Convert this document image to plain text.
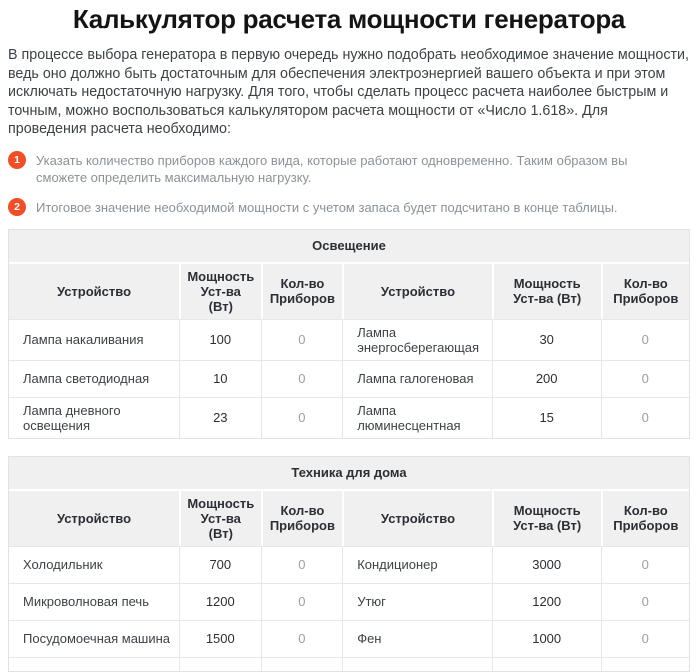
Калькулятор расчета мощности генератора

В процессе выбора генератора в первую очередь нужно подобрать необходимое значение мощности, ведь оно должно быть достаточным для обеспечения электроэнергией вашего объекта и при этом исключать недостаточную нагрузку. Для того, чтобы сделать процесс расчета наиболее быстрым и точным, можно воспользоваться калькулятором расчета мощности от «Число 1.618». Для проведения расчета необходимо:

1	Указать количество приборов каждого вида, которые работают одновременно. Таким образом вы сможете определить максимальную нагрузку.
2	Итоговое значение необходимой мощности с учетом запаса будет подсчитано в конце таблицы.
Освещение					
Устройство	Мощность Уст-ва (Вт)	Кол-во Приборов	Устройство	Мощность Уст-ва (Вт)	Кол-во Приборов
Лампа накаливания	100	0	Лампа энергосберегающая	30	0
Лампа светодиодная	10	0	Лампа галогеновая	200	0
Лампа дневного освещения	23	0	Лампа люминесцентная	15	0
Техника для дома					
Устройство	Мощность Уст-ва (Вт)	Кол-во Приборов	Устройство	Мощность Уст-ва (Вт)	Кол-во Приборов
Холодильник	700	0	Кондиционер	3000	0
Микроволновая печь	1200	0	Утюг	1200	0
Посудомоечная машина	1500	0	Фен	1000	0
